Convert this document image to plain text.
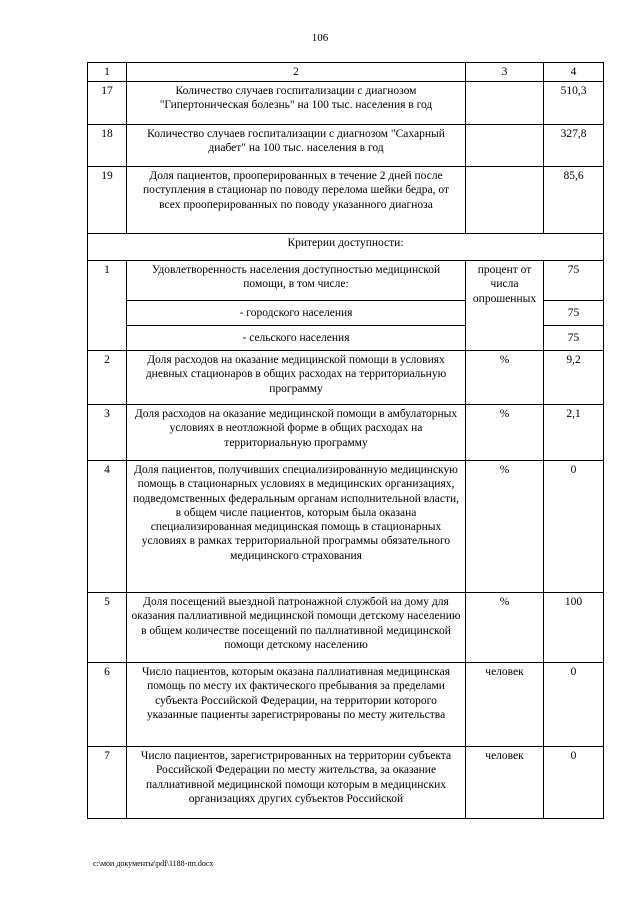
106
1	2	3	4
17	Количество случаев госпитализации с диагнозом "Гипертоническая болезнь" на 100 тыс. населения в год		510,3
18	Количество случаев госпитализации с диагнозом "Сахарный диабет" на 100 тыс. населения в год		327,8
19	Доля пациентов, прооперированных в течение 2 дней после поступления в стационар по поводу перелома шейки бедра, от всех прооперированных по поводу указанного диагноза		85,6
Критерии доступности:			
1	Удовлетворенность населения доступностью медицинской помощи, в том числе:	процент от числа опрошенных	75
	- городского населения		75
	- сельского населения		75
2	Доля расходов на оказание медицинской помощи в условиях дневных стационаров в общих расходах на территориальную программу	%	9,2
3	Доля расходов на оказание медицинской помощи в амбулаторных условиях в неотложной форме в общих расходах на территориальную программу	%	2,1
4	Доля пациентов, получивших специализированную медицинскую помощь в стационарных условиях в медицинских организациях, подведомственных федеральным органам исполнительной власти, в общем числе пациентов, которым была оказана специализированная медицинская помощь в стационарных условиях в рамках территориальной программы обязательного медицинского страхования	%	0
5	Доля посещений выездной патронажной службой на дому для оказания паллиативной медицинской помощи детскому населению в общем количестве посещений по паллиативной медицинской помощи детскому населению	%	100
6	Число пациентов, которым оказана паллиативная медицинская помощь по месту их фактического пребывания за пределами субъекта Российской Федерации, на территории которого указанные пациенты зарегистрированы по месту жительства	человек	0
7	Число пациентов, зарегистрированных на территории субъекта Российской Федерации по месту жительства, за оказание паллиативной медицинской помощи которым в медицинских организациях других субъектов Российской	человек	0
c:\мои документы\pdf\1188-пп.docx
